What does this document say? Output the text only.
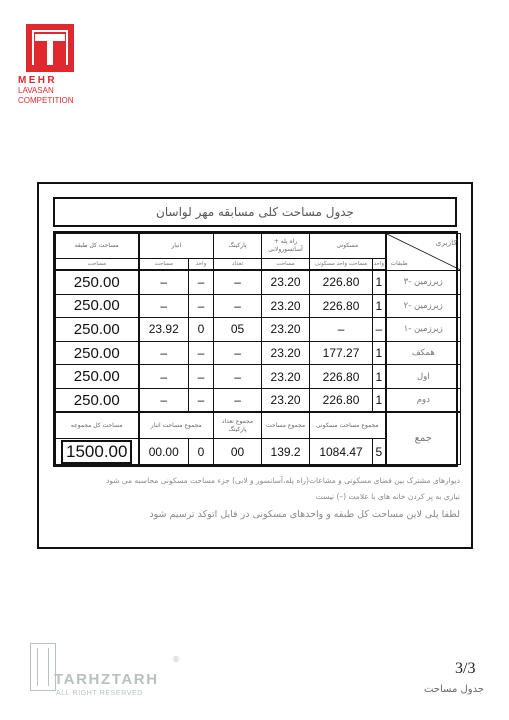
MEHR
LAVASAN
COMPETITION
جدول مساحت کلی مسابقه مهر لواسان
مساحت کل طبقه	انبار		پارکینگ	راه پله + آسانسورولابی	مسکونی		کاربری
طبقات

مساحت	مساحت	واحد	تعداد	مساحت	مساحت واحد مسکونی	واحد	
250.00	–	–	–	23.20	226.80	1	زیرزمین -۳
250.00	–	–	–	23.20	226.80	1	زیرزمین -۲
250.00	23.92	0	05	23.20	–	–	زیرزمین -۱
250.00	–	–	–	23.20	177.27	1	همکف
250.00	–	–	–	23.20	226.80	1	اول
250.00	–	–	–	23.20	226.80	1	دوم
مساحت کل مجموعه	مجموع مساحت انبار		مجموع تعداد پارکینگ	مجموع مساحت	مجموع مساحت مسکونی		جمع
1500.00	00.00	0	00	139.2	1084.47	5	
دیوارهای مشترک بین فضای مسکونی و مشاعات(راه پله،آسانسور و لابی) جزء مساحت مسکونی محاسبه می شود
نیازی به پر کردن خانه های با علامت (–) نیست
لطفا پلی لاین مساحت کل طبقه و واحدهای مسکونی در فایل اتوکد ترسیم شود
TARHZTARH
®
ALL RIGHT RESERVED
3/3
جدول مساحت
